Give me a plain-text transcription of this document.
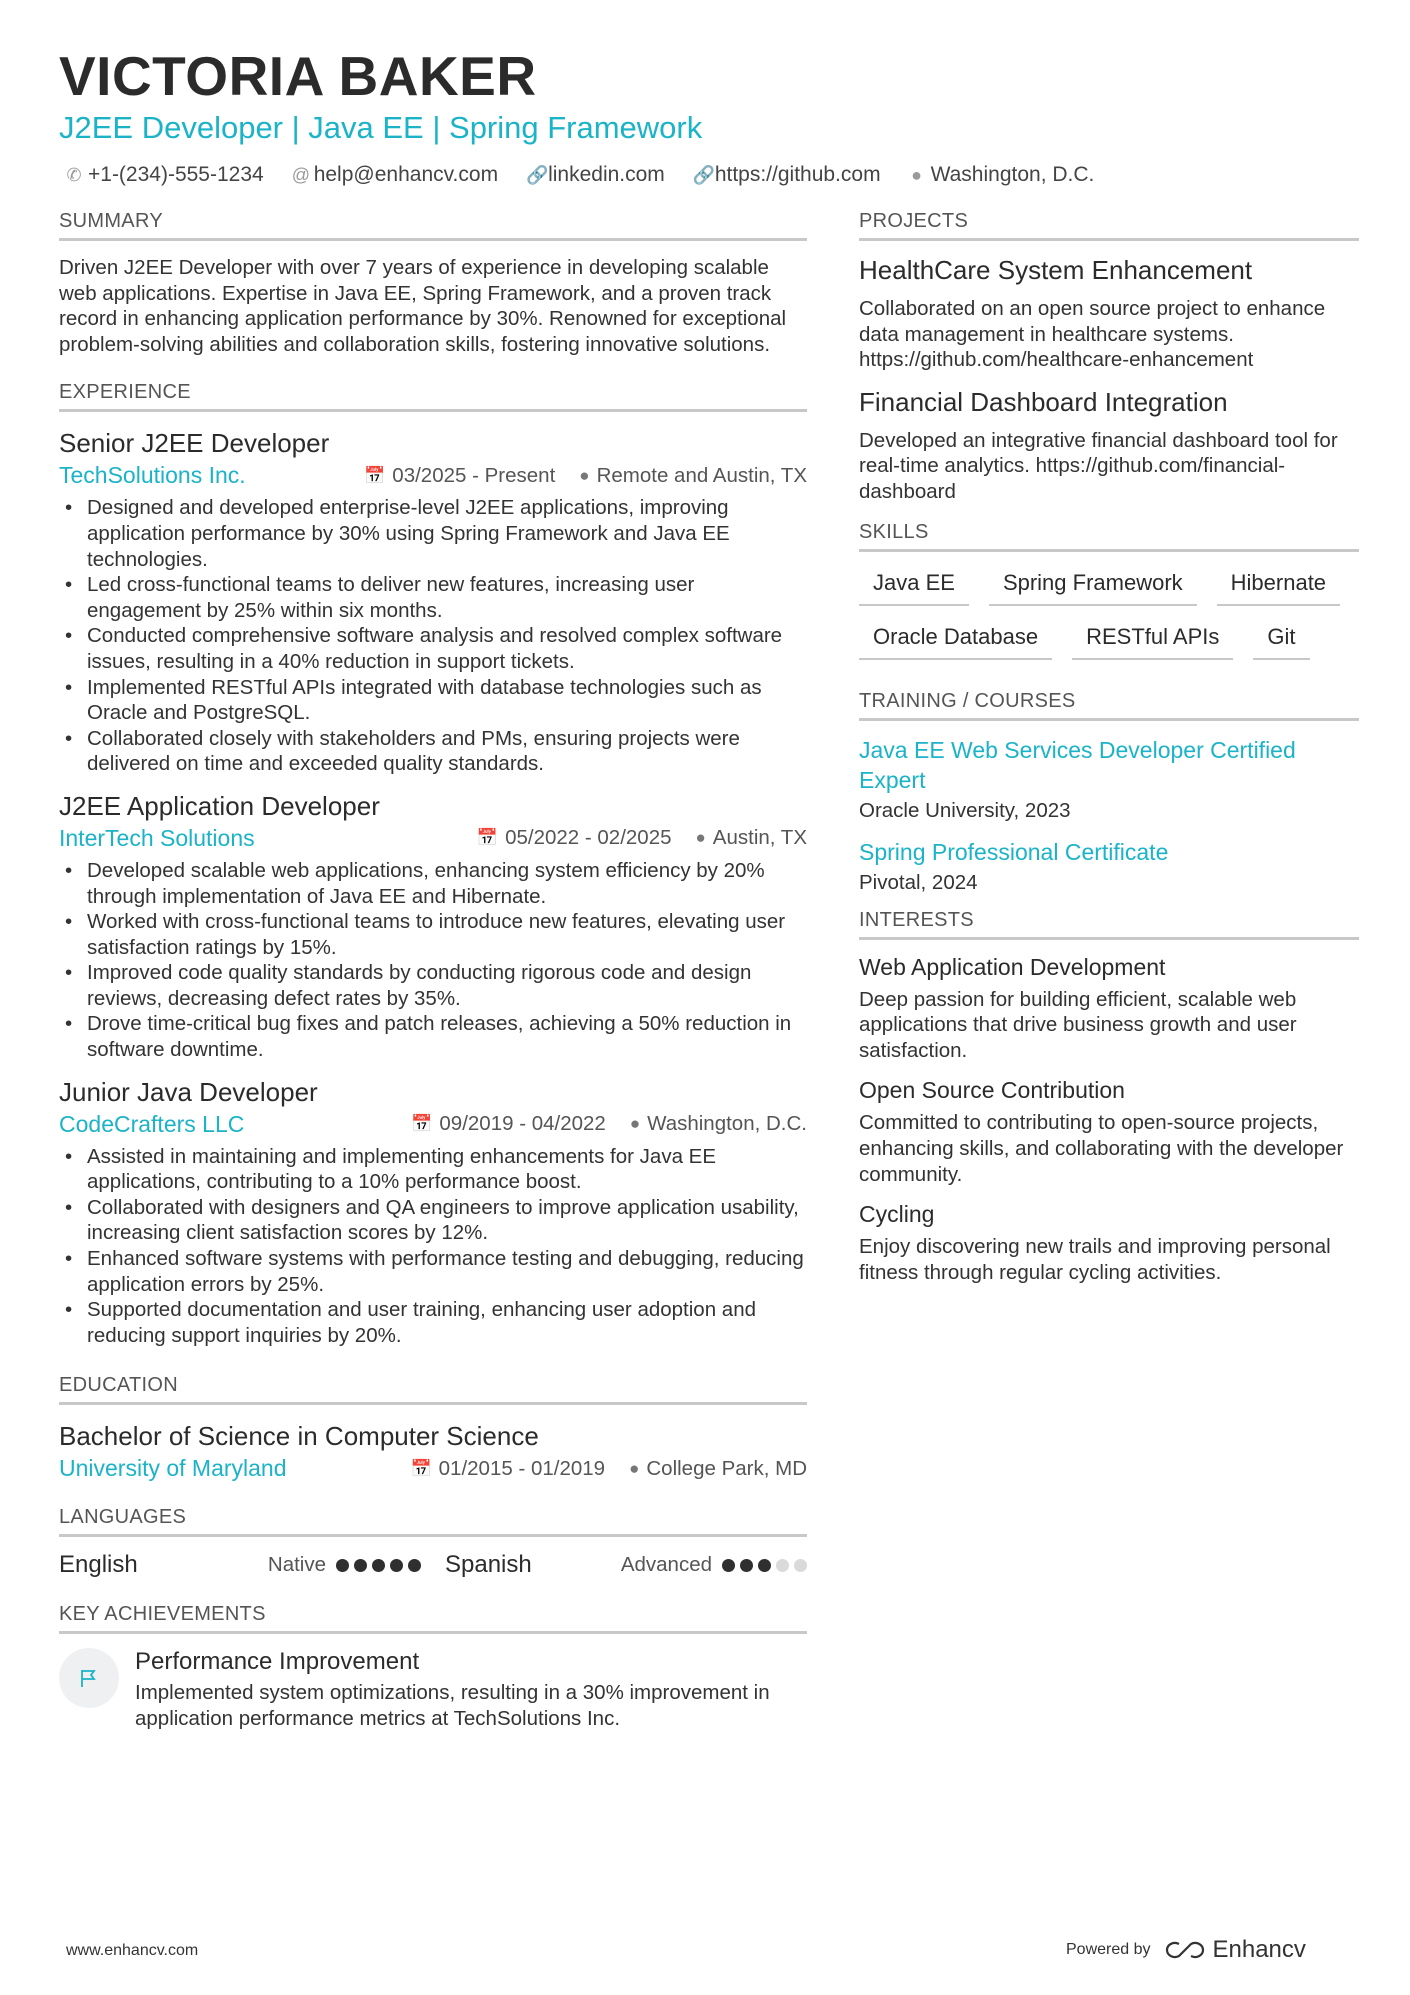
VICTORIA BAKER
J2EE Developer | Java EE | Spring Framework
✆ +1-(234)-555-1234 @ help@enhancv.com 🔗 linkedin.com 🔗 https://github.com ● Washington, D.C.
SUMMARY
Driven J2EE Developer with over 7 years of experience in developing scalable web applications. Expertise in Java EE, Spring Framework, and a proven track record in enhancing application performance by 30%. Renowned for exceptional problem-solving abilities and collaboration skills, fostering innovative solutions.
EXPERIENCE
Senior J2EE Developer
TechSolutions Inc.	📅 03/2025 - Present ● Remote and Austin, TX
• Designed and developed enterprise-level J2EE applications, improving application performance by 30% using Spring Framework and Java EE technologies.
• Led cross-functional teams to deliver new features, increasing user engagement by 25% within six months.
• Conducted comprehensive software analysis and resolved complex software issues, resulting in a 40% reduction in support tickets.
• Implemented RESTful APIs integrated with database technologies such as Oracle and PostgreSQL.
• Collaborated closely with stakeholders and PMs, ensuring projects were delivered on time and exceeded quality standards.
J2EE Application Developer
InterTech Solutions	📅 05/2022 - 02/2025 ● Austin, TX
• Developed scalable web applications, enhancing system efficiency by 20% through implementation of Java EE and Hibernate.
• Worked with cross-functional teams to introduce new features, elevating user satisfaction ratings by 15%.
• Improved code quality standards by conducting rigorous code and design reviews, decreasing defect rates by 35%.
• Drove time-critical bug fixes and patch releases, achieving a 50% reduction in software downtime.
Junior Java Developer
CodeCrafters LLC	📅 09/2019 - 04/2022 ● Washington, D.C.
• Assisted in maintaining and implementing enhancements for Java EE applications, contributing to a 10% performance boost.
• Collaborated with designers and QA engineers to improve application usability, increasing client satisfaction scores by 12%.
• Enhanced software systems with performance testing and debugging, reducing application errors by 25%.
• Supported documentation and user training, enhancing user adoption and reducing support inquiries by 20%.
EDUCATION
Bachelor of Science in Computer Science
University of Maryland	📅 01/2015 - 01/2019 ● College Park, MD
LANGUAGES
English	Native	Spanish	Advanced
KEY ACHIEVEMENTS
Performance Improvement
Implemented system optimizations, resulting in a 30% improvement in application performance metrics at TechSolutions Inc.
PROJECTS
HealthCare System Enhancement
Collaborated on an open source project to enhance data management in healthcare systems. https://github.com/healthcare-enhancement
Financial Dashboard Integration
Developed an integrative financial dashboard tool for real-time analytics. https://github.com/financial-dashboard
SKILLS
Java EE	Spring Framework	Hibernate
Oracle Database	RESTful APIs	Git
TRAINING / COURSES
Java EE Web Services Developer Certified Expert
Oracle University, 2023
Spring Professional Certificate
Pivotal, 2024
INTERESTS
Web Application Development
Deep passion for building efficient, scalable web applications that drive business growth and user satisfaction.
Open Source Contribution
Committed to contributing to open-source projects, enhancing skills, and collaborating with the developer community.
Cycling
Enjoy discovering new trails and improving personal fitness through regular cycling activities.
www.enhancv.com	Powered by	Enhancv
